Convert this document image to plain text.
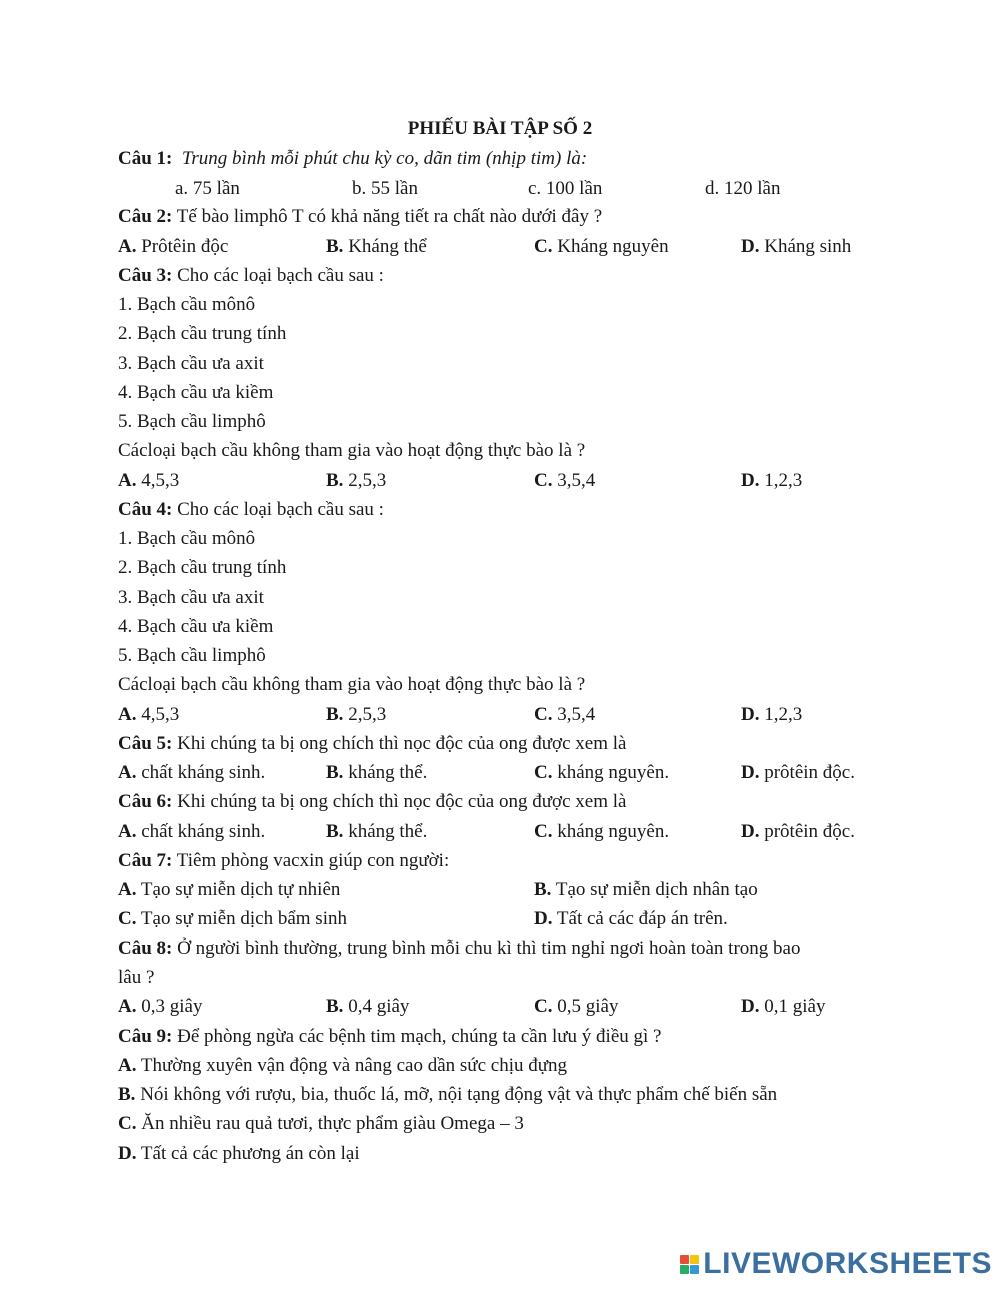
PHIẾU BÀI TẬP SỐ 2
Câu 1: Trung bình mỗi phút chu kỳ co, dãn tim (nhịp tim) là:
a. 75 lần	b. 55 lần	c. 100 lần	d. 120 lần
Câu 2: Tế bào limphô T có khả năng tiết ra chất nào dưới đây ?
A. Prôtêin độc	B. Kháng thể	C. Kháng nguyên	D. Kháng sinh
Câu 3: Cho các loại bạch cầu sau :
1. Bạch cầu mônô
2. Bạch cầu trung tính
3. Bạch cầu ưa axit
4. Bạch cầu ưa kiềm
5. Bạch cầu limphô
Cácloại bạch cầu không tham gia vào hoạt động thực bào là ?
A. 4,5,3	B. 2,5,3	C. 3,5,4	D. 1,2,3
Câu 4: Cho các loại bạch cầu sau :
1. Bạch cầu mônô
2. Bạch cầu trung tính
3. Bạch cầu ưa axit
4. Bạch cầu ưa kiềm
5. Bạch cầu limphô
Cácloại bạch cầu không tham gia vào hoạt động thực bào là ?
A. 4,5,3	B. 2,5,3	C. 3,5,4	D. 1,2,3
Câu 5: Khi chúng ta bị ong chích thì nọc độc của ong được xem là
A. chất kháng sinh.	B. kháng thể.	C. kháng nguyên.	D. prôtêin độc.
Câu 6: Khi chúng ta bị ong chích thì nọc độc của ong được xem là
A. chất kháng sinh.	B. kháng thể.	C. kháng nguyên.	D. prôtêin độc.
Câu 7: Tiêm phòng vacxin giúp con người:
A. Tạo sự miễn dịch tự nhiên	B. Tạo sự miễn dịch nhân tạo
C. Tạo sự miễn dịch bẩm sinh	D. Tất cả các đáp án trên.
Câu 8: Ở người bình thường, trung bình mỗi chu kì thì tim nghỉ ngơi hoàn toàn trong bao
lâu ?
A. 0,3 giây	B. 0,4 giây	C. 0,5 giây	D. 0,1 giây
Câu 9: Để phòng ngừa các bệnh tim mạch, chúng ta cần lưu ý điều gì ?
A. Thường xuyên vận động và nâng cao dần sức chịu đựng
B. Nói không với rượu, bia, thuốc lá, mỡ, nội tạng động vật và thực phẩm chế biến sẵn
C. Ăn nhiều rau quả tươi, thực phẩm giàu Omega – 3
D. Tất cả các phương án còn lại
LIVEWORKSHEETS
